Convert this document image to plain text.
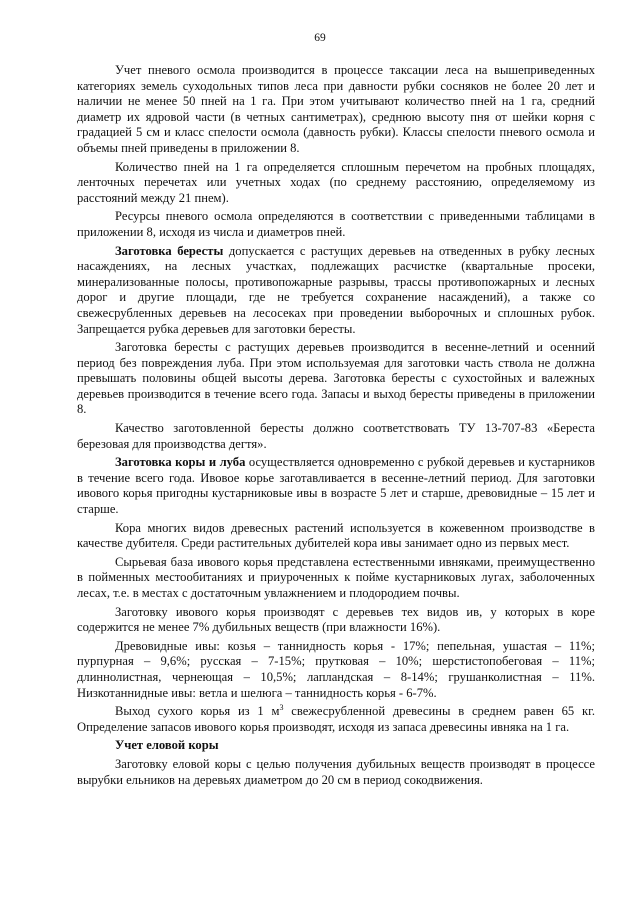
69

Учет пневого осмола производится в процессе таксации леса на вышеприведенных категориях земель суходольных типов леса при давности рубки сосняков не более 20 лет и наличии не менее 50 пней на 1 га. При этом учитывают количество пней на 1 га, средний диаметр их ядровой части (в четных сантиметрах), среднюю высоту пня от шейки корня с градацией 5 см и класс спелости осмола (давность рубки). Классы спелости пневого осмола и объемы пней приведены в приложении 8.

Количество пней на 1 га определяется сплошным перечетом на пробных площадях, ленточных перечетах или учетных ходах (по среднему расстоянию, определяемому из расстояний между 21 пнем).

Ресурсы пневого осмола определяются в соответствии с приведенными таблицами в приложении 8, исходя из числа и диаметров пней.

Заготовка бересты допускается с растущих деревьев на отведенных в рубку лесных насаждениях, на лесных участках, подлежащих расчистке (квартальные просеки, минерализованные полосы, противопожарные разрывы, трассы противопожарных и лесных дорог и другие площади, где не требуется сохранение насаждений), а также со свежесрубленных деревьев на лесосеках при проведении выборочных и сплошных рубок. Запрещается рубка деревьев для заготовки бересты.

Заготовка бересты с растущих деревьев производится в весенне-летний и осенний период без повреждения луба. При этом используемая для заготовки часть ствола не должна превышать половины общей высоты дерева. Заготовка бересты с сухостойных и валежных деревьев производится в течение всего года. Запасы и выход бересты приведены в приложении 8.

Качество заготовленной бересты должно соответствовать ТУ 13-707-83 «Береста березовая для производства дегтя».

Заготовка коры и луба осуществляется одновременно с рубкой деревьев и кустарников в течение всего года. Ивовое корье заготавливается в весенне-летний период. Для заготовки ивового корья пригодны кустарниковые ивы в возрасте 5 лет и старше, древовидные – 15 лет и старше.

Кора многих видов древесных растений используется в кожевенном производстве в качестве дубителя. Среди растительных дубителей кора ивы занимает одно из первых мест.

Сырьевая база ивового корья представлена естественными ивняками, преимущественно в пойменных местообитаниях и приуроченных к пойме кустарниковых лугах, заболоченных лесах, т.е. в местах с достаточным увлажнением и плодородием почвы.

Заготовку ивового корья производят с деревьев тех видов ив, у которых в коре содержится не менее 7% дубильных веществ (при влажности 16%).

Древовидные ивы: козья – таннидность корья - 17%; пепельная, ушастая – 11%; пурпурная – 9,6%; русская – 7-15%; прутковая – 10%; шерстистопобеговая – 11%; длиннолистная, чернеющая – 10,5%; лапландская – 8-14%; грушанколистная – 11%. Низкотаннидные ивы: ветла и шелюга – таннидность корья - 6-7%.

Выход сухого корья из 1 $м^3$ свежесрубленной древесины в среднем равен 65 кг. Определение запасов ивового корья производят, исходя из запаса древесины ивняка на 1 га.

Учет еловой коры

Заготовку еловой коры с целью получения дубильных веществ производят в процессе вырубки ельников на деревьях диаметром до 20 см в период сокодвижения.
